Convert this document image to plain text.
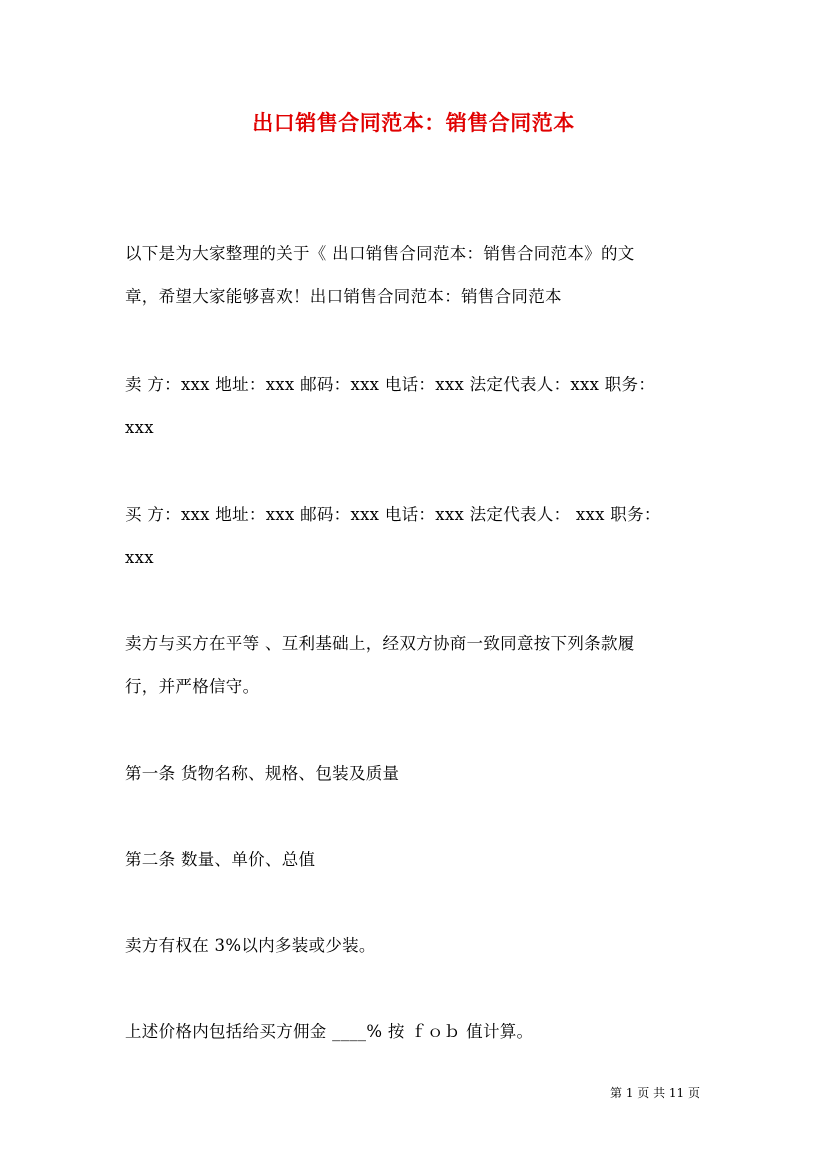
出口销售合同范本：销售合同范本
以下是为大家整理的关于《 出口销售合同范本：销售合同范本》的文
章，希望大家能够喜欢！出口销售合同范本：销售合同范本
卖 方：xxx 地址：xxx 邮码：xxx 电话：xxx 法定代表人：xxx 职务：
xxx
买 方：xxx 地址：xxx 邮码：xxx 电话：xxx 法定代表人： xxx 职务：
xxx
卖方与买方在平等 、互利基础上，经双方协商一致同意按下列条款履
行，并严格信守。
第一条 货物名称、规格、包装及质量
第二条 数量、单价、总值
卖方有权在 3%以内多装或少装。
上述价格内包括给买方佣金 ____% 按 ｆｏｂ 值计算。
第 1 页 共 11 页
